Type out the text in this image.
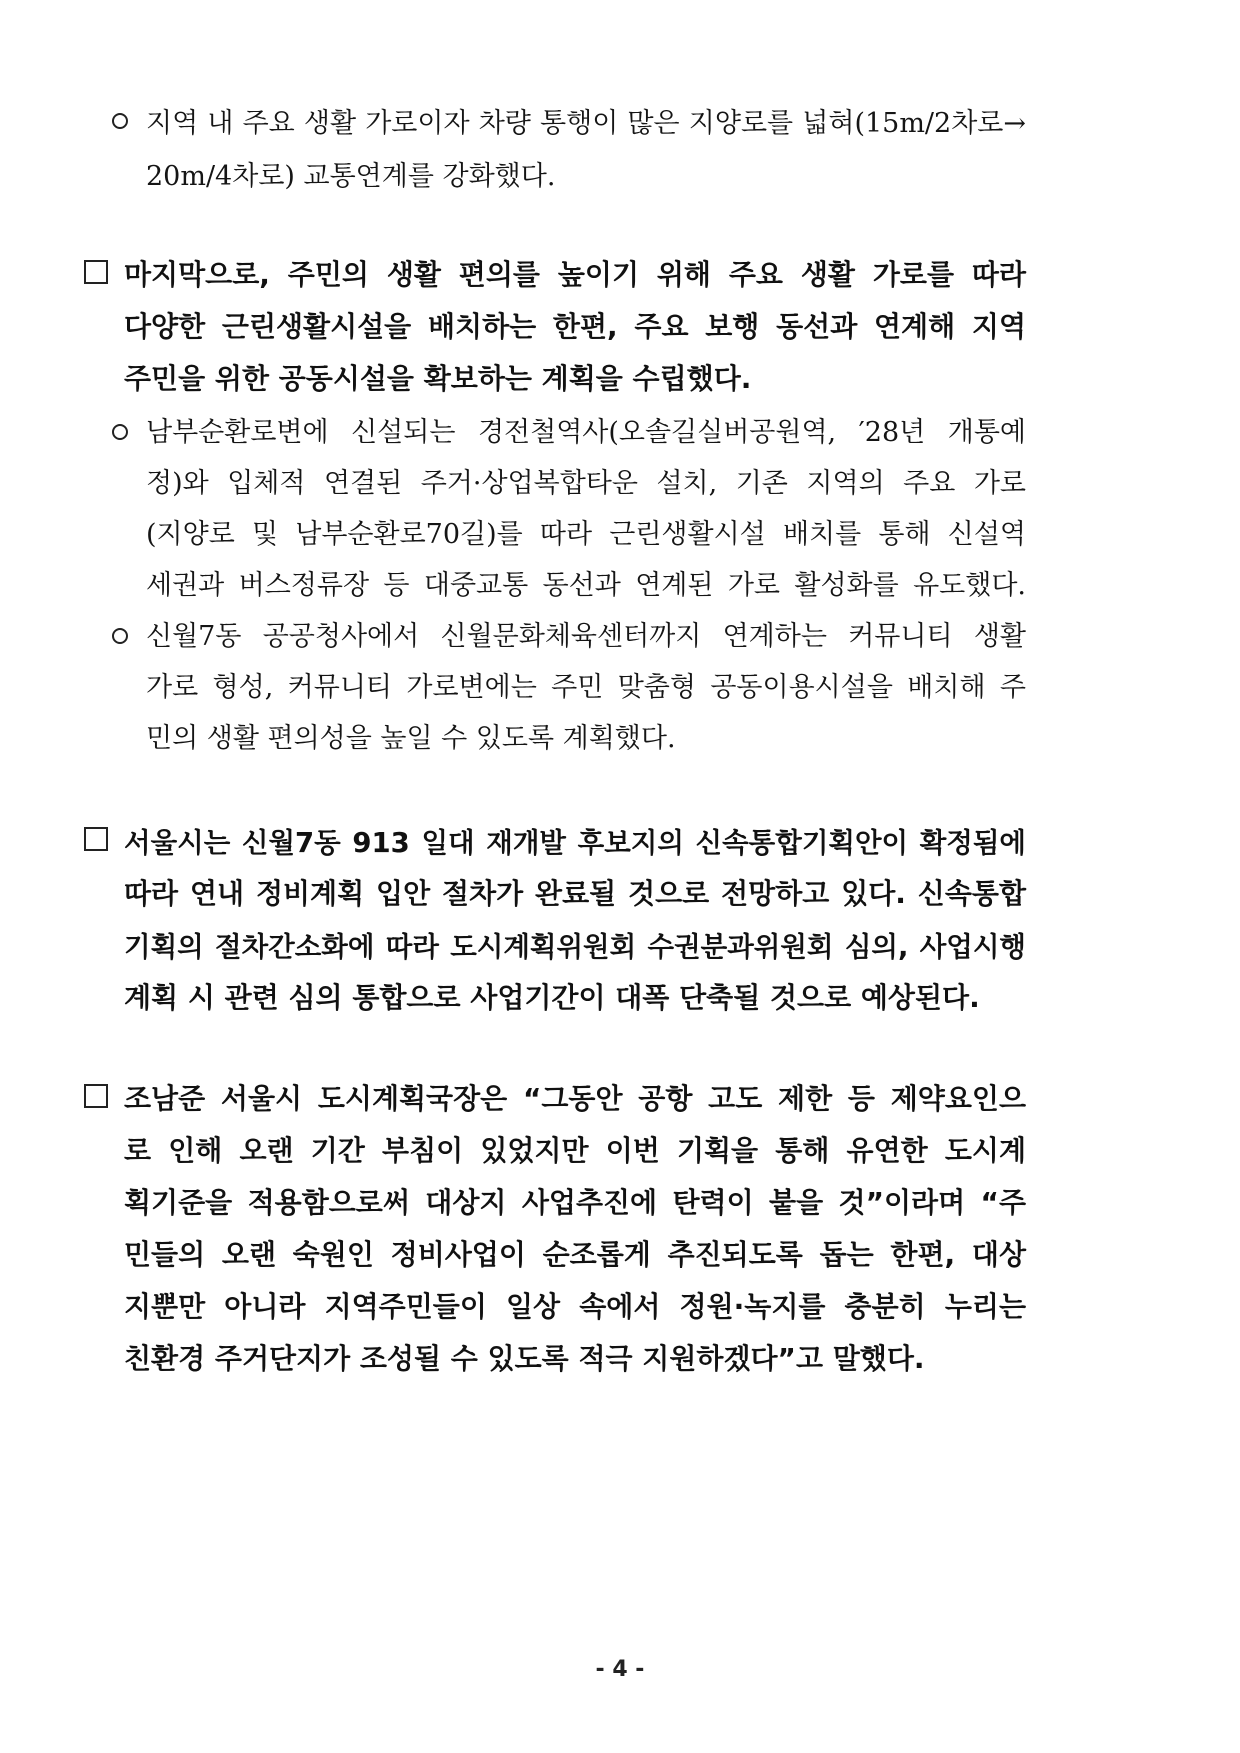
지역 내 주요 생활 가로이자 차량 통행이 많은 지양로를 넓혀(15m/2차로→
20m/4차로) 교통연계를 강화했다.
마지막으로, 주민의 생활 편의를 높이기 위해 주요 생활 가로를 따라
다양한 근린생활시설을 배치하는 한편, 주요 보행 동선과 연계해 지역
주민을 위한 공동시설을 확보하는 계획을 수립했다.
남부순환로변에 신설되는 경전철역사(오솔길실버공원역, ′28년 개통예
정)와 입체적 연결된 주거·상업복합타운 설치, 기존 지역의 주요 가로
(지양로 및 남부순환로70길)를 따라 근린생활시설 배치를 통해 신설역
세권과 버스정류장 등 대중교통 동선과 연계된 가로 활성화를 유도했다.
신월7동 공공청사에서 신월문화체육센터까지 연계하는 커뮤니티 생활
가로 형성, 커뮤니티 가로변에는 주민 맞춤형 공동이용시설을 배치해 주
민의 생활 편의성을 높일 수 있도록 계획했다.
서울시는 신월7동 913 일대 재개발 후보지의 신속통합기획안이 확정됨에
따라 연내 정비계획 입안 절차가 완료될 것으로 전망하고 있다. 신속통합
기획의 절차간소화에 따라 도시계획위원회 수권분과위원회 심의, 사업시행
계획 시 관련 심의 통합으로 사업기간이 대폭 단축될 것으로 예상된다.
조남준 서울시 도시계획국장은 “그동안 공항 고도 제한 등 제약요인으
로 인해 오랜 기간 부침이 있었지만 이번 기획을 통해 유연한 도시계
획기준을 적용함으로써 대상지 사업추진에 탄력이 붙을 것”이라며 “주
민들의 오랜 숙원인 정비사업이 순조롭게 추진되도록 돕는 한편, 대상
지뿐만 아니라 지역주민들이 일상 속에서 정원·녹지를 충분히 누리는
친환경 주거단지가 조성될 수 있도록 적극 지원하겠다”고 말했다.
- 4 -
